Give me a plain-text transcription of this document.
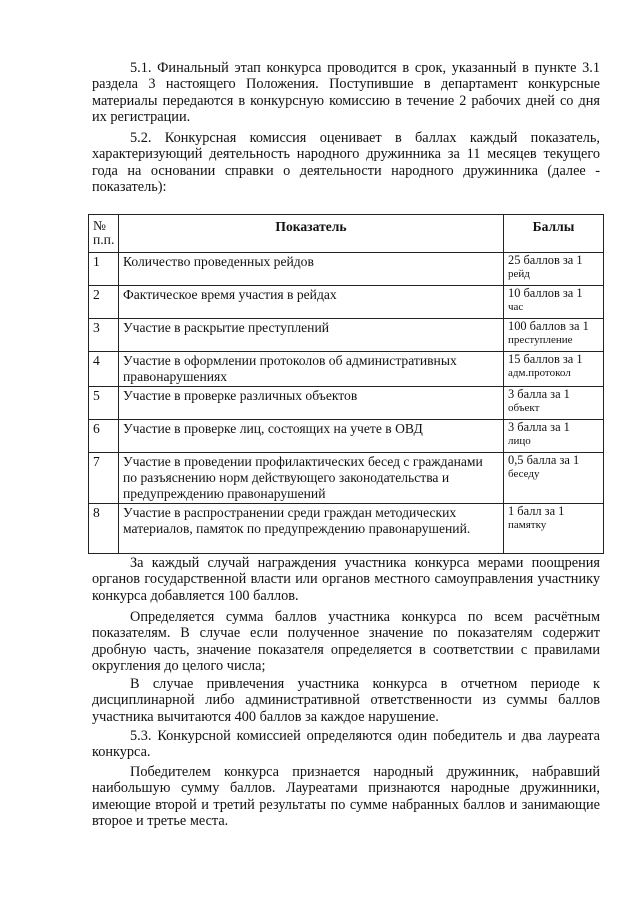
5.1. Финальный этап конкурса проводится в срок, указанный в пункте 3.1 раздела 3 настоящего Положения. Поступившие в департамент конкурсные материалы передаются в конкурсную комиссию в течение 2 рабочих дней со дня их регистрации.

5.2. Конкурсная комиссия оценивает в баллах каждый показатель, характеризующий деятельность народного дружинника за 11 месяцев текущего года на основании справки о деятельности народного дружинника (далее - показатель):

№ п.п.	Показатель	Баллы
1	Количество проведенных рейдов	25 баллов за 1
рейд
2	Фактическое время участия в рейдах	10 баллов за 1
час
3	Участие в раскрытие преступлений	100 баллов за 1
преступление
4	Участие в оформлении протоколов об административных правонарушениях	15 баллов за 1
адм.протокол
5	Участие в проверке различных объектов	3 балла за 1
объект
6	Участие в проверке лиц, состоящих на учете в ОВД	3 балла за 1
лицо
7	Участие в проведении профилактических бесед с гражданами по разъяснению норм действующего законодательства и предупреждению правонарушений	0,5 балла за 1
беседу
8	Участие в распространении среди граждан методических материалов, памяток по предупреждению правонарушений.	1 балл за 1
памятку

За каждый случай награждения участника конкурса мерами поощрения органов государственной власти или органов местного самоуправления участнику конкурса добавляется 100 баллов.

Определяется сумма баллов участника конкурса по всем расчётным показателям. В случае если полученное значение по показателям содержит дробную часть, значение показателя определяется в соответствии с правилами округления до целого числа;

В случае привлечения участника конкурса в отчетном периоде к дисциплинарной либо административной ответственности из суммы баллов участника вычитаются 400 баллов за каждое нарушение.

5.3. Конкурсной комиссией определяются один победитель и два лауреата конкурса.

Победителем конкурса признается народный дружинник, набравший наибольшую сумму баллов. Лауреатами признаются народные дружинники, имеющие второй и третий результаты по сумме набранных баллов и занимающие второе и третье места.
